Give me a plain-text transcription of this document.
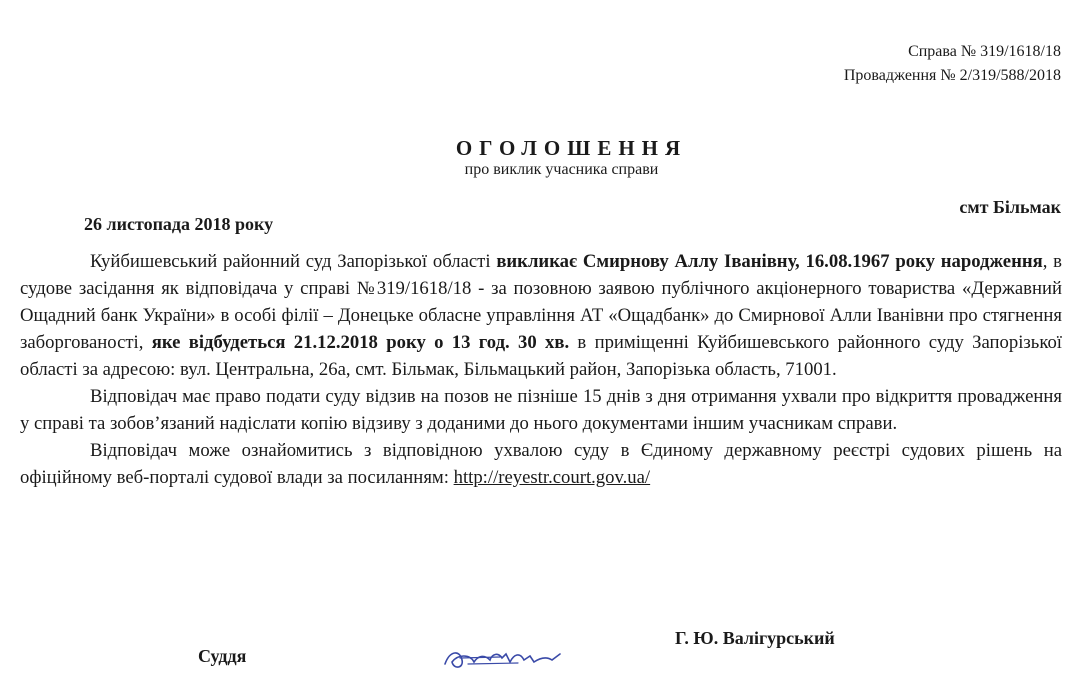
Справа № 319/1618/18
Провадження № 2/319/588/2018
ОГОЛОШЕННЯ
про виклик учасника справи
смт Більмак
26 листопада 2018 року

Куйбишевський районний суд Запорізької області викликає Смирнову Аллу Іванівну, 16.08.1967 року народження, в судове засідання як відповідача у справі №319/1618/18 - за позовною заявою публічного акціонерного товариства «Державний Ощадний банк України» в особі філії – Донецьке обласне управління АТ «Ощадбанк» до Смирнової Алли Іванівни про стягнення заборгованості, яке відбудеться 21.12.2018 року о 13 год. 30 хв. в приміщенні Куйбишевського районного суду Запорізької області за адресою: вул. Центральна, 26а, смт. Більмак, Більмацький район, Запорізька область, 71001.

Відповідач має право подати суду відзив на позов не пізніше 15 днів з дня отримання ухвали про відкриття провадження у справі та зобов’язаний надіслати копію відзиву з доданими до нього документами іншим учасникам справи.

Відповідач може ознайомитись з відповідною ухвалою суду в Єдиному державному реєстрі судових рішень на офіційному веб-порталі судової влади за посиланням: http://reyestr.court.gov.ua/

Суддя
Г. Ю. Валігурський
